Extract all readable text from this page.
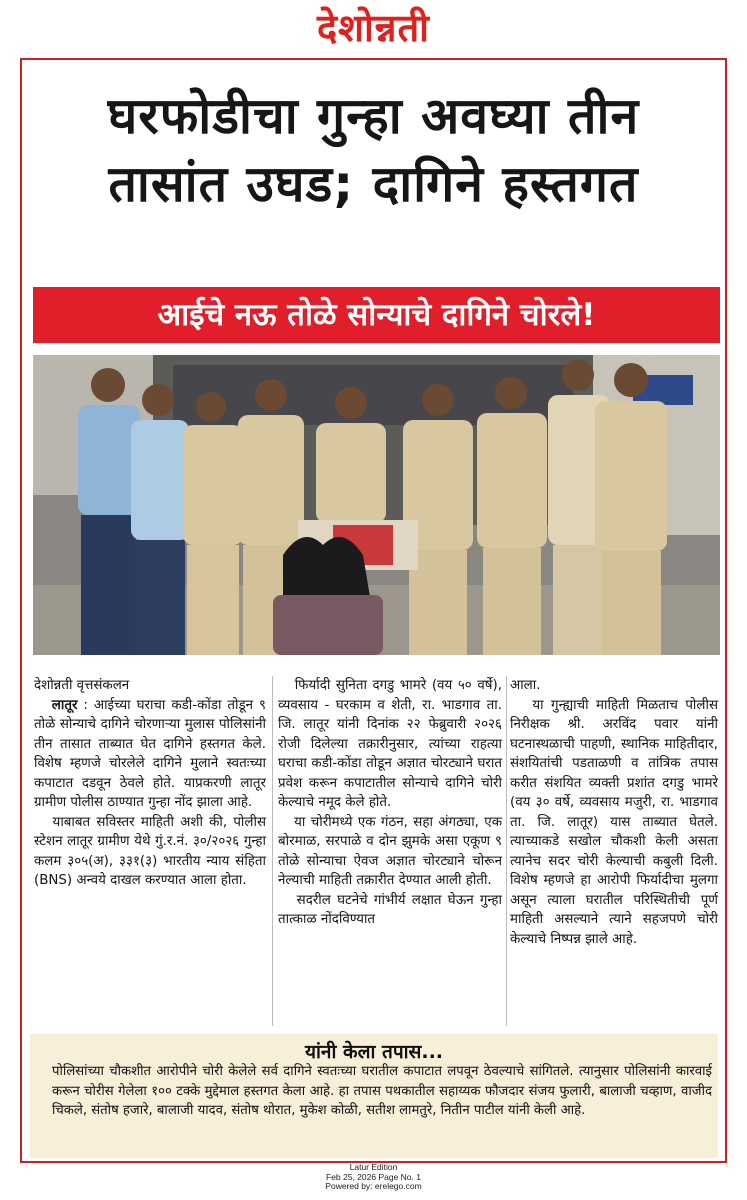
देशोन्नती
घरफोडीचा गुन्हा अवघ्या तीन
तासांत उघड; दागिने हस्तगत
आईचे नऊ तोळे सोन्याचे दागिने चोरले!

देशोन्नती वृत्तसंकलन

लातूर : आईच्या घराचा कडी-कोंडा तोडून ९ तोळे सोन्याचे दागिने चोरणाऱ्या मुलास पोलिसांनी तीन तासात ताब्यात घेत दागिने हस्तगत केले. विशेष म्हणजे चोरलेले दागिने मुलाने स्वतःच्या कपाटात दडवून ठेवले होते. याप्रकरणी लातूर ग्रामीण पोलीस ठाण्यात गुन्हा नोंद झाला आहे.

याबाबत सविस्तर माहिती अशी की, पोलीस स्टेशन लातूर ग्रामीण येथे गुं.र.नं. ३०/२०२६ गुन्हा कलम ३०५(अ), ३३१(३) भारतीय न्याय संहिता (BNS) अन्वये दाखल करण्यात आला होता.

फिर्यादी सुनिता दगडु भामरे (वय ५० वर्षे), व्यवसाय - घरकाम व शेती, रा. भाडगाव ता. जि. लातूर यांनी दिनांक २२ फेब्रुवारी २०२६ रोजी दिलेल्या तक्रारीनुसार, त्यांच्या राहत्या घराचा कडी-कोंडा तोडून अज्ञात चोरट्याने घरात प्रवेश करून कपाटातील सोन्याचे दागिने चोरी केल्याचे नमूद केले होते.

या चोरीमध्ये एक गंठन, सहा अंगठ्या, एक बोरमाळ, सरपाळे व दोन झुमके असा एकूण ९ तोळे सोन्याचा ऐवज अज्ञात चोरट्याने चोरून नेल्याची माहिती तक्रारीत देण्यात आली होती.

सदरील घटनेचे गांभीर्य लक्षात घेऊन गुन्हा तात्काळ नोंदविण्यात

आला.

या गुन्ह्याची माहिती मिळताच पोलीस निरीक्षक श्री. अरविंद पवार यांनी घटनास्थळाची पाहणी, स्थानिक माहितीदार, संशयितांची पडताळणी व तांत्रिक तपास करीत संशयित व्यक्ती प्रशांत दगडु भामरे (वय ३० वर्षे, व्यवसाय मजुरी, रा. भाडगाव ता. जि. लातूर) यास ताब्यात घेतले. त्याच्याकडे सखोल चौकशी केली असता त्यानेच सदर चोरी केल्याची कबुली दिली. विशेष म्हणजे हा आरोपी फिर्यादीचा मुलगा असून त्याला घरातील परिस्थितीची पूर्ण माहिती असल्याने त्याने सहजपणे चोरी केल्याचे निष्पन्न झाले आहे.

यांनी केला तपास...
पोलिसांच्या चौकशीत आरोपीने चोरी केलेले सर्व दागिने स्वतःच्या घरातील कपाटात लपवून ठेवल्याचे सांगितले. त्यानुसार पोलिसांनी कारवाई करून चोरीस गेलेला १०० टक्के मुद्देमाल हस्तगत केला आहे. हा तपास पथकातील सहाय्यक फौजदार संजय फुलारी, बालाजी चव्हाण, वाजीद चिकले, संतोष हजारे, बालाजी यादव, संतोष थोरात, मुकेश कोळी, सतीश लामतुरे, नितीन पाटील यांनी केली आहे.
Latur Edition
Feb 25, 2026 Page No. 1
Powered by: erelego.com
